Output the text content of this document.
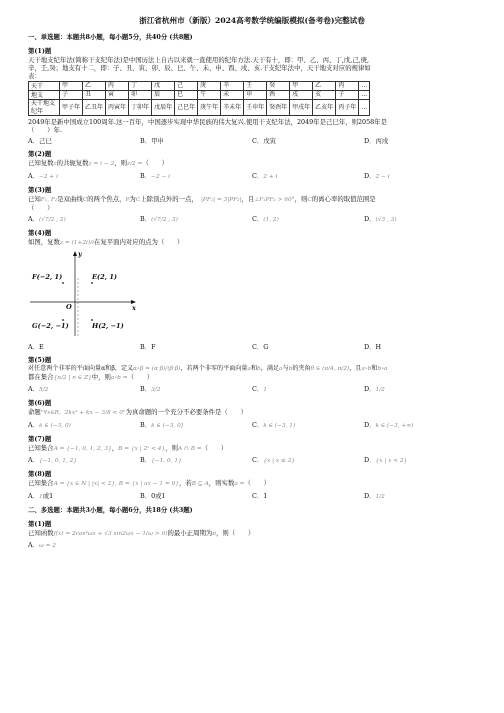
浙江省杭州市（新版）2024高考数学统编版模拟(备考卷)完整试卷
一、单选题：本题共8小题，每小题5分，共40分 (共8题)
第(1)题
天干地支纪年法(简称干支纪年法)是中国历法上自古以来就一直使用的纪年方法.天干有十，即：甲、乙、丙、丁,戊,己,庚,
辛，壬,癸；地支有十二，即：子、丑、寅、卯、辰、巳、午、未、申、酉、戌、亥.干支纪年法中，天干地支对应的规律如
表：
天干	甲	乙	丙	丁	戊	己	庚	辛	壬	癸	甲	乙	丙	…
地支	子	丑	寅	卯	辰	巳	午	未	申	酉	戌	亥	子	…
天干地支纪年	甲子年	乙丑年	丙寅年	丁卯年	戊辰年	己巳年	庚午年	辛未年	壬申年	癸酉年	甲戌年	乙亥年	丙子年	…
2049年是新中国成立100周年.这一百年，中国逐步实现中华民族的伟大复兴.使用干支纪年法，2049年是己巳年，则2058年是
（　　）年.
A．己巳	B．甲申	C．戊寅	D．丙戌
第(2)题
已知复数z的共轭复数z = i − 2，则z/2 =（　　）
A．−2 + i	B．−2 − i	C．2 + i	D．2 − i
第(3)题
已知F₁, F₂是双曲线C的两个焦点，P为C上除顶点外的一点，　 |PF₁| = 3|PF₂|，且∠F₁PF₂ > 60°，则C的离心率的取值范围是
（　　）
A．(√7/2 , 2)	B．(√7/2 , 3)	C．(1, 2)	D．(√3 , 3)
第(4)题
如图，复数z = (1+2i)/i在复平面内对应的点为（　　）
y
O	x
F(−2, 1)	E(2, 1)
G(−2, −1)	H(2, −1)
A．E	B．F	C．G	D．H
第(5)题
对任意两个非零的平面向量α和β，定义α∘β = (α·β)/(β·β)，若两个非零的平面向量a和b，满足a与b的夹角θ ∈ (π/4, π/2)，且a∘b和b∘a
都在集合{n/2 | n ∈ Z}中，则a∘b =（　　）
A．5/2	B．3/2	C．1	D．1/2
第(6)题
命题"∀x∈R，2kx² + kx − 3/8 < 0"为真命题的一个充分不必要条件是（　　）
A．k ∈ (−3, 0)	B．k ∈ (−3, 0]	C．k ∈ (−3, 1)	D．k ∈ (−3, +∞)
第(7)题
已知集合A = {−1, 0, 1, 2, 3}，B = {x | 2ˣ < 4}，则A ∩ B =（　　）
A．{−1, 0, 1, 2}	B．{−1, 0, 1}	C．{x | x ≤ 2}	D．{x | x < 2}
第(8)题
已知集合A = {x ∈ N | |x| < 2}, B = {x | ax − 1 = 0}，若B ⊆ A，则实数a =（　　）
A．1或1	B．0或1	C．1	D．1/2
二、多选题：本题共3小题，每小题6分，共18分 (共3题)
第(1)题
已知函数f(x) = 2cos²ωx + √3 sin2ωx − 1(ω > 0)的最小正周期为π，则（　　）
A．ω = 2
